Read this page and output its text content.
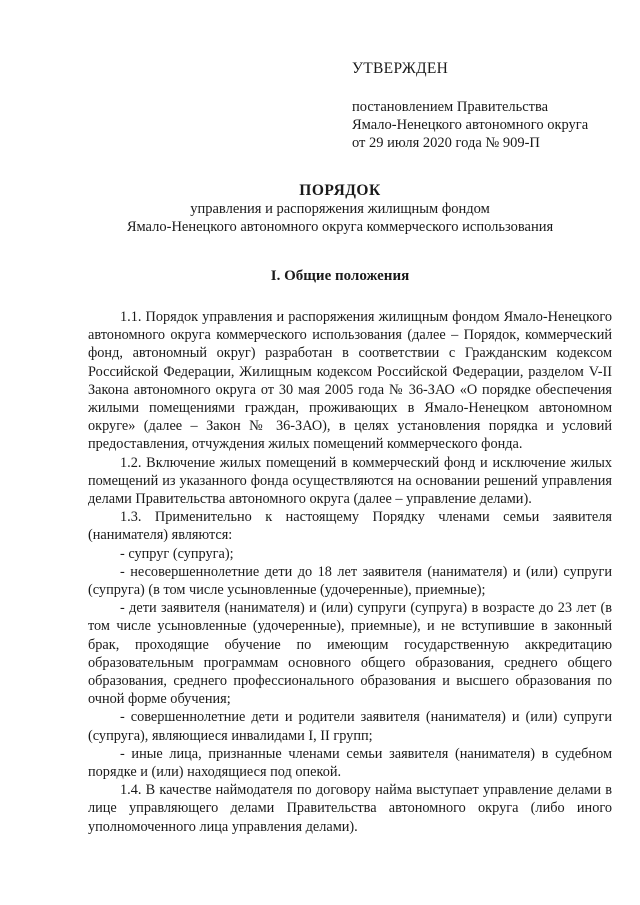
УТВЕРЖДЕН
постановлением Правительства
Ямало-Ненецкого автономного округа
от 29 июля 2020 года № 909-П
ПОРЯДОК
управления и распоряжения жилищным фондом
Ямало-Ненецкого автономного округа коммерческого использования
I. Общие положения

1.1. Порядок управления и распоряжения жилищным фондом Ямало-Ненецкого автономного округа коммерческого использования (далее – Порядок, коммерческий фонд, автономный округ) разработан в соответствии с Гражданским кодексом Российской Федерации, Жилищным кодексом Российской Федерации, разделом V-II Закона автономного округа от 30 мая 2005 года № 36-ЗАО «О порядке обеспечения жилыми помещениями граждан, проживающих в Ямало-Ненецком автономном округе» (далее – Закон № 36-ЗАО), в целях установления порядка и условий предоставления, отчуждения жилых помещений коммерческого фонда.

1.2. Включение жилых помещений в коммерческий фонд и исключение жилых помещений из указанного фонда осуществляются на основании решений управления делами Правительства автономного округа (далее – управление делами).

1.3. Применительно к настоящему Порядку членами семьи заявителя (нанимателя) являются:

- супруг (супруга);

- несовершеннолетние дети до 18 лет заявителя (нанимателя) и (или) супруги (супруга) (в том числе усыновленные (удочеренные), приемные);

- дети заявителя (нанимателя) и (или) супруги (супруга) в возрасте до 23 лет (в том числе усыновленные (удочеренные), приемные), и не вступившие в законный брак, проходящие обучение по имеющим государственную аккредитацию образовательным программам основного общего образования, среднего общего образования, среднего профессионального образования и высшего образования по очной форме обучения;

- совершеннолетние дети и родители заявителя (нанимателя) и (или) супруги (супруга), являющиеся инвалидами I, II групп;

- иные лица, признанные членами семьи заявителя (нанимателя) в судебном порядке и (или) находящиеся под опекой.

1.4. В качестве наймодателя по договору найма выступает управление делами в лице управляющего делами Правительства автономного округа (либо иного уполномоченного лица управления делами).
